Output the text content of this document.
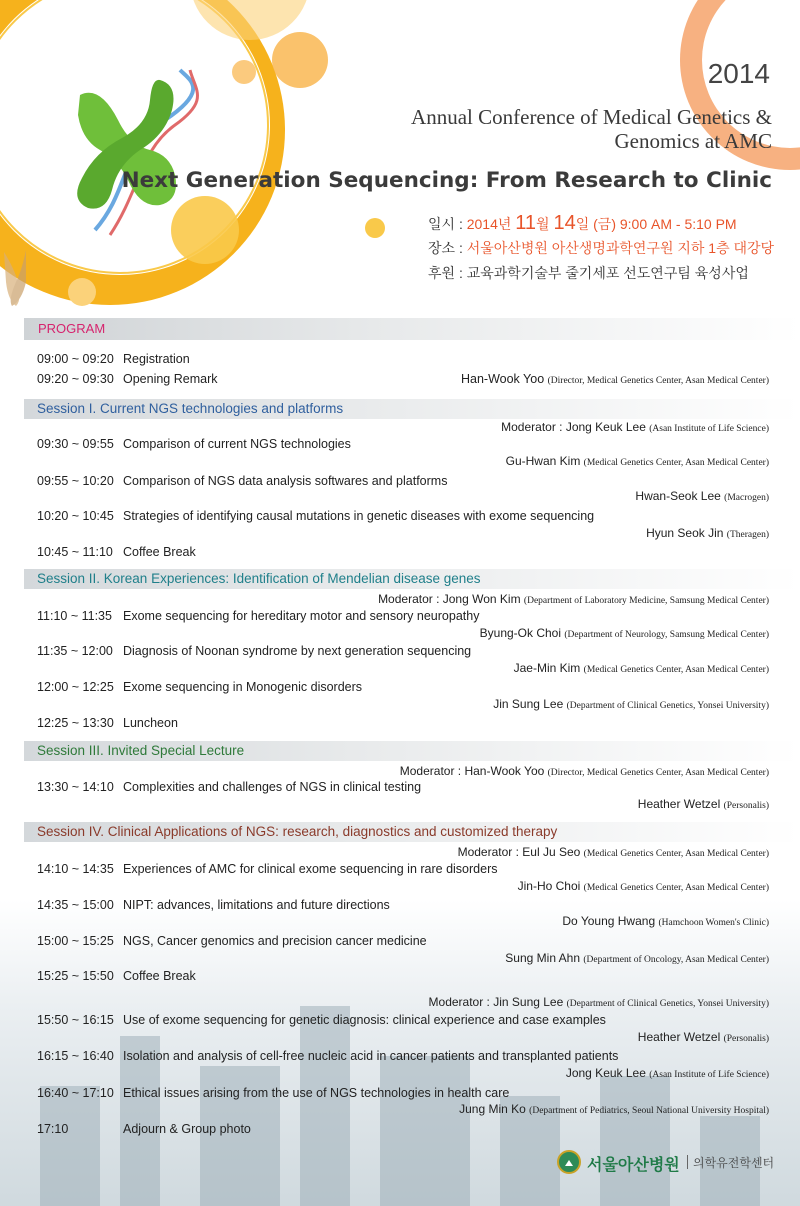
2014
Annual Conference of Medical Genetics &
Genomics at AMC
Next Generation Sequencing: From Research to Clinic
일시 : 2014년 11월 14일 (금) 9:00 AM - 5:10 PM
장소 : 서울아산병원 아산생명과학연구원 지하 1층 대강당
후원 : 교육과학기술부 줄기세포 선도연구팀 육성사업
PROGRAM
09:00 ~ 09:20 Registration
09:20 ~ 09:30 Opening Remark	Han-Wook Yoo (Director, Medical Genetics Center, Asan Medical Center)
Session I. Current NGS technologies and platforms
Moderator : Jong Keuk Lee (Asan Institute of Life Science)
09:30 ~ 09:55 Comparison of current NGS technologies
Gu-Hwan Kim (Medical Genetics Center, Asan Medical Center)
09:55 ~ 10:20 Comparison of NGS data analysis softwares and platforms
Hwan-Seok Lee (Macrogen)
10:20 ~ 10:45 Strategies of identifying causal mutations in genetic diseases with exome sequencing
Hyun Seok Jin (Theragen)
10:45 ~ 11:10 Coffee Break
Session II. Korean Experiences: Identification of Mendelian disease genes
Moderator : Jong Won Kim (Department of Laboratory Medicine, Samsung Medical Center)
11:10 ~ 11:35 Exome sequencing for hereditary motor and sensory neuropathy
Byung-Ok Choi (Department of Neurology, Samsung Medical Center)
11:35 ~ 12:00 Diagnosis of Noonan syndrome by next generation sequencing
Jae-Min Kim (Medical Genetics Center, Asan Medical Center)
12:00 ~ 12:25 Exome sequencing in Monogenic disorders
Jin Sung Lee (Department of Clinical Genetics, Yonsei University)
12:25 ~ 13:30 Luncheon
Session III. Invited Special Lecture
Moderator : Han-Wook Yoo (Director, Medical Genetics Center, Asan Medical Center)
13:30 ~ 14:10 Complexities and challenges of NGS in clinical testing
Heather Wetzel (Personalis)
Session IV. Clinical Applications of NGS: research, diagnostics and customized therapy
Moderator : Eul Ju Seo (Medical Genetics Center, Asan Medical Center)
14:10 ~ 14:35 Experiences of AMC for clinical exome sequencing in rare disorders
Jin-Ho Choi (Medical Genetics Center, Asan Medical Center)
14:35 ~ 15:00 NIPT: advances, limitations and future directions
Do Young Hwang (Hamchoon Women's Clinic)
15:00 ~ 15:25 NGS, Cancer genomics and precision cancer medicine
Sung Min Ahn (Department of Oncology, Asan Medical Center)
15:25 ~ 15:50 Coffee Break
Moderator : Jin Sung Lee (Department of Clinical Genetics, Yonsei University)
15:50 ~ 16:15 Use of exome sequencing for genetic diagnosis: clinical experience and case examples
Heather Wetzel (Personalis)
16:15 ~ 16:40 Isolation and analysis of cell-free nucleic acid in cancer patients and transplanted patients
Jong Keuk Lee (Asan Institute of Life Science)
16:40 ~ 17:10 Ethical issues arising from the use of NGS technologies in health care
Jung Min Ko (Department of Pediatrics, Seoul National University Hospital)
17:10	Adjourn & Group photo
서울아산병원 의학유전학센터
